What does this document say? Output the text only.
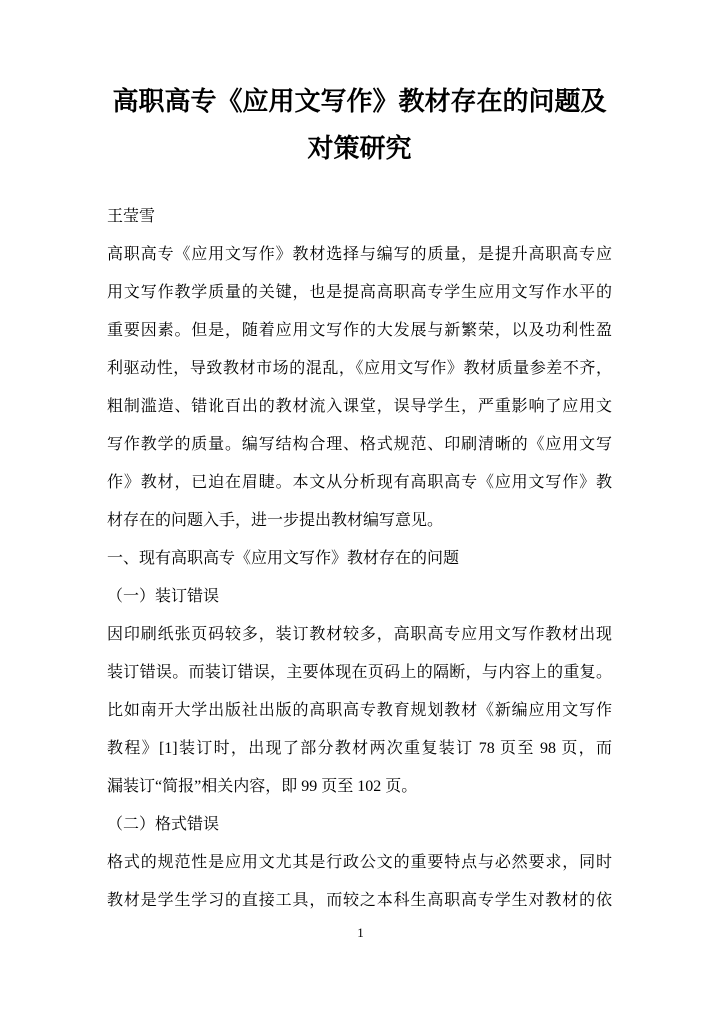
高职高专《应用文写作》教材存在的问题及
对策研究
王莹雪
高职高专《应用文写作》教材选择与编写的质量，是提升高职高专应
用文写作教学质量的关键，也是提高高职高专学生应用文写作水平的
重要因素。但是，随着应用文写作的大发展与新繁荣，以及功利性盈
利驱动性，导致教材市场的混乱，《应用文写作》教材质量参差不齐，
粗制滥造、错讹百出的教材流入课堂，误导学生，严重影响了应用文
写作教学的质量。编写结构合理、格式规范、印刷清晰的《应用文写
作》教材，已迫在眉睫。本文从分析现有高职高专《应用文写作》教
材存在的问题入手，进一步提出教材编写意见。
一、现有高职高专《应用文写作》教材存在的问题
（一）装订错误
因印刷纸张页码较多，装订教材较多，高职高专应用文写作教材出现
装订错误。而装订错误，主要体现在页码上的隔断，与内容上的重复。
比如南开大学出版社出版的高职高专教育规划教材《新编应用文写作
教程》[1]装订时，出现了部分教材两次重复装订 78 页至 98 页，而
漏装订“简报”相关内容，即 99 页至 102 页。
（二）格式错误
格式的规范性是应用文尤其是行政公文的重要特点与必然要求，同时
教材是学生学习的直接工具，而较之本科生高职高专学生对教材的依
1
